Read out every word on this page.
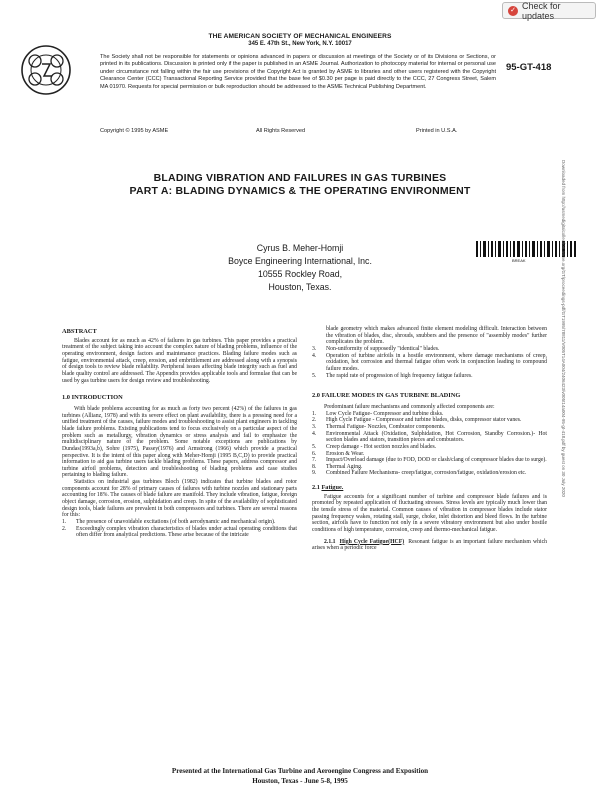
✓ Check for updates
THE AMERICAN SOCIETY OF MECHANICAL ENGINEERS
345 E. 47th St., New York, N.Y. 10017
95-GT-418
The Society shall not be responsible for statements or opinions advanced in papers or discussion at meetings of the Society or of its Divisions or Sections, or printed in its publications. Discussion is printed only if the paper is published in an ASME Journal. Authorization to photocopy material for internal or personal use under circumstance not falling within the fair use provisions of the Copyright Act is granted by ASME to libraries and other users registered with the Copyright Clearance Center (CCC) Transactional Reporting Service provided that the base fee of $0.30 per page is paid directly to the CCC, 27 Congress Street, Salem MA 01970. Requests for special permission or bulk reproduction should be addressed to the ASME Technical Publishing Department.
Copyright © 1995 by ASME	All Rights Reserved	Printed in U.S.A.
BLADING VIBRATION AND FAILURES IN GAS TURBINES
PART A: BLADING DYNAMICS & THE OPERATING ENVIRONMENT
Cyrus B. Meher-Homji
Boyce Engineering International, Inc.
10555 Rockley Road,
Houston, Texas.
BREAK	Downloaded from http://asmedigitalcollection.asme.org/GT/proceedings-pdf/GT1995/78811/V005T14A004/2406423/v005t14a004-95-gt-418.pdf by guest on 30 July 2020
ABSTRACT

Blades account for as much as 42% of failures in gas turbines. This paper provides a practical treatment of the subject taking into account the complex nature of blading problems, influence of the operating environment, design factors and maintenance practices. Blading failure modes such as fatigue, environmental attack, creep, erosion, and embrittlement are addressed along with a synopsis of design tools to review blade reliability. Peripheral issues affecting blade integrity such as fuel and blade quality control are addressed. The Appendix provides applicable tools and formulae that can be used by gas turbine users for design review and troubleshooting.

1.0 INTRODUCTION

With blade problems accounting for as much as forty two percent (42%) of the failures in gas turbines (Allianz, 1978) and with its severe effect on plant availability, there is a pressing need for a unified treatment of the causes, failure modes and troubleshooting to assist plant engineers in tackling blade failure problems. Existing publications tend to focus exclusively on a particular aspect of the problem such as metallurgy, vibration dynamics or stress analysis and fail to emphasize the multidisciplinary nature of the problem. Some notable exceptions are publications by Dundas(1993a,b), Sohre (1975), Passey(1976) and Armstrong (1966) which provide a practical perspective. It is the intent of this paper along with Meher-Homji (1995 B,C,D) to provide practical information to aid gas turbine users tackle blading problems. These papers, address compressor and turbine airfoil problems, detection and troubleshooting of blading problems and case studies pertaining to blading failure.

Statistics on industrial gas turbines Bloch (1982) indicates that turbine blades and rotor components account for 28% of primary causes of failures with turbine nozzles and stationary parts accounting for 18%. The causes of blade failure are manifold. They include vibration, fatigue, foreign object damage, corrosion, erosion, sulphidation and creep. In spite of the availability of sophisticated design tools, blade failures are prevalent in both compressors and turbines. There are several reasons for this:

1. The presence of unavoidable excitations (of both aerodynamic and mechanical origin).
2. Exceedingly complex vibration characteristics of blades under actual operating conditions that often differ from analytical predictions. These arise because of the intricate
blade geometry which makes advanced finite element modeling difficult. Interaction between the vibration of blades, disc, shrouds, snubbers and the presence of "assembly modes" further complicates the problem.
3. Non-uniformity of supposedly "identical" blades.
4. Operation of turbine airfoils in a hostile environment, where damage mechanisms of creep, oxidation, hot corrosion and thermal fatigue often work in conjunction leading to compound failure modes.
5. The rapid rate of progression of high frequency fatigue failures.
2.0 FAILURE MODES IN GAS TURBINE BLADING

Predominant failure mechanisms and commonly affected components are:

1. Low Cycle Fatigue- Compressor and turbine disks.
2. High Cycle Fatigue - Compressor and turbine blades, disks, compressor stator vanes.
3. Thermal Fatigue- Nozzles, Combustor components.
4. Environmental Attack (Oxidation, Sulphidation, Hot Corrosion, Standby Corrosion.)- Hot section blades and stators, transition pieces and combustors.
5. Creep damage - Hot section nozzles and blades.
6. Erosion & Wear.
7. Impact/Overload damage (due to FOD, DOD or clash/clang of compressor blades due to surge).
8. Thermal Aging.
9. Combined Failure Mechanisms- creep/fatigue, corrosion/fatigue, oxidation/erosion etc.
2.1 Fatigue.

Fatigue accounts for a significant number of turbine and compressor blade failures and is promoted by repeated application of fluctuating stresses. Stress levels are typically much lower than the tensile stress of the material. Common causes of vibration in compressor blades include stator passing frequency wakes, rotating stall, surge, choke, inlet distortion and bleed flows. In the turbine section, airfoils have to function not only in a severe vibratory environment but also under hostile conditions of high temperature, corrosion, creep and thermo-mechanical fatigue.

2.1.1 High Cycle Fatigue(HCF) Resonant fatigue is an important failure mechanism which arises when a periodic force
Presented at the International Gas Turbine and Aeroengine Congress and Exposition
Houston, Texas - June 5-8, 1995
